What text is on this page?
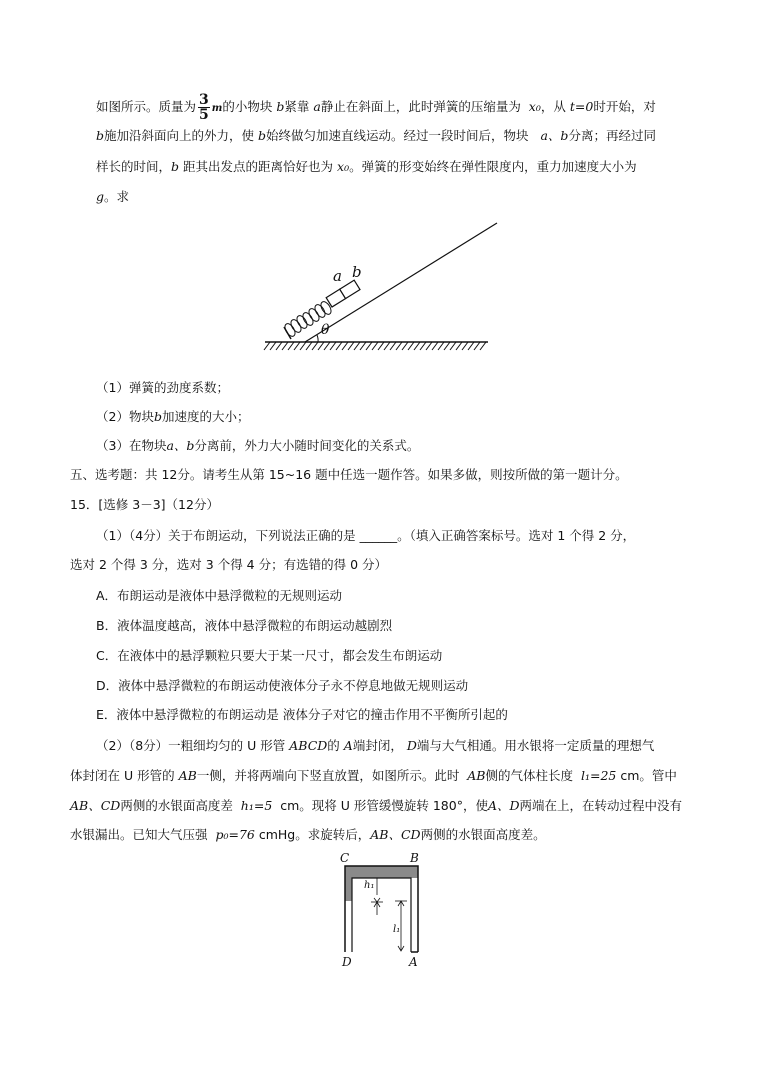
如图所示。质量为 $\frac{3}{5}$ m的小物块 b紧靠 a静止在斜面上，此时弹簧的压缩量为 x₀，从 t=0时开始，对
b施加沿斜面向上的外力，使 b始终做匀加速直线运动。经过一段时间后，物块 a、b分离；再经过同
样长的时间，b 距其出发点的距离恰好也为 x₀。弹簧的形变始终在弹性限度内，重力加速度大小为
g。求
a b
θ
（1）弹簧的劲度系数；
（2）物块b加速度的大小；
（3）在物块a、b分离前，外力大小随时间变化的关系式。
五、选考题：共 12分。请考生从第 15~16 题中任选一题作答。如果多做，则按所做的第一题计分。
15．[选修 3－3]（12分）
（1）（4分）关于布朗运动，下列说法正确的是 ______。（填入正确答案标号。选对 1 个得 2 分，
选对 2 个得 3 分，选对 3 个得 4 分；有选错的得 0 分）
A．布朗运动是液体中悬浮微粒的无规则运动
B．液体温度越高，液体中悬浮微粒的布朗运动越剧烈
C．在液体中的悬浮颗粒只要大于某一尺寸，都会发生布朗运动
D．液体中悬浮微粒的布朗运动使液体分子永不停息地做无规则运动
E．液体中悬浮微粒的布朗运动是 液体分子对它的撞击作用不平衡所引起的
（2）（8分）一粗细均匀的 U 形管 ABCD的 A端封闭， D端与大气相通。用水银将一定质量的理想气
体封闭在 U 形管的 AB一侧，并将两端向下竖直放置，如图所示。此时 AB侧的气体柱长度 l₁=25 cm。管中
AB、CD两侧的水银面高度差 h₁=5 cm。现将 U 形管缓慢旋转 180°，使A、D两端在上，在转动过程中没有
水银漏出。已知大气压强 p₀=76 cmHg。求旋转后，AB、CD两侧的水银面高度差。
C	B
h₁
l₁
D	A
